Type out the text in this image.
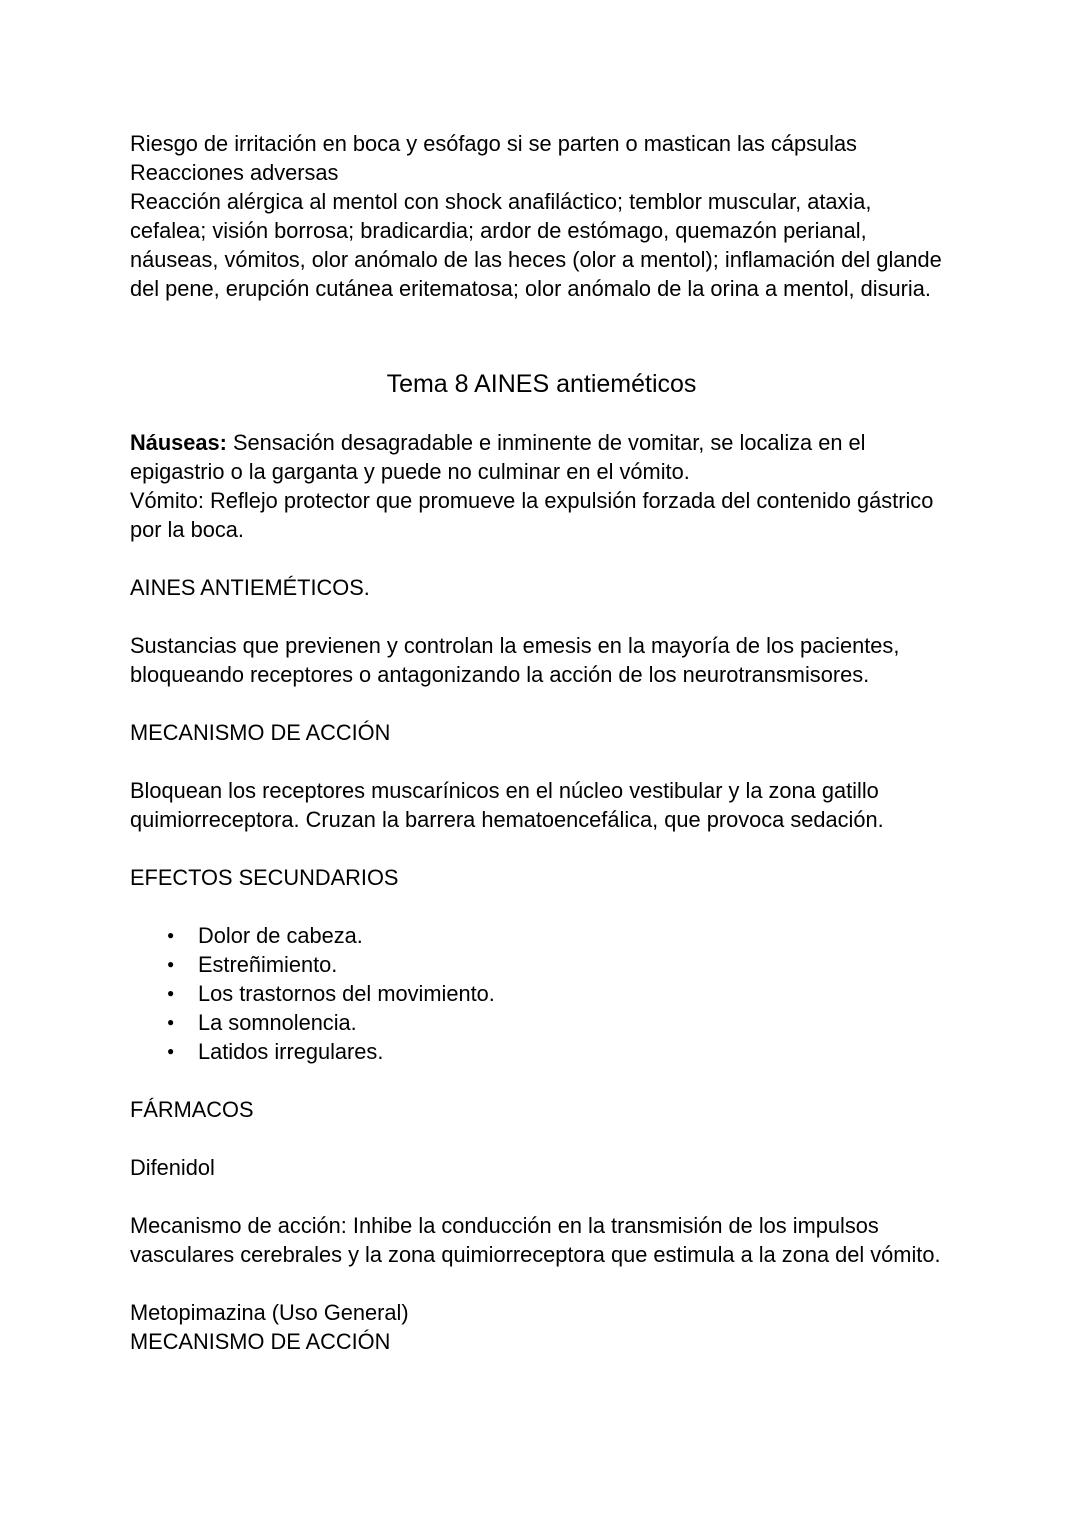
Riesgo de irritación en boca y esófago si se parten o mastican las cápsulas

Reacciones adversas

Reacción alérgica al mentol con shock anafiláctico; temblor muscular, ataxia, cefalea; visión borrosa; bradicardia; ardor de estómago, quemazón perianal, náuseas, vómitos, olor anómalo de las heces (olor a mentol); inflamación del glande del pene, erupción cutánea eritematosa; olor anómalo de la orina a mentol, disuria.

Tema 8 AINES antieméticos

Náuseas: Sensación desagradable e inminente de vomitar, se localiza en el epigastrio o la garganta y puede no culminar en el vómito.

Vómito: Reflejo protector que promueve la expulsión forzada del contenido gástrico por la boca.

AINES ANTIEMÉTICOS.

Sustancias que previenen y controlan la emesis en la mayoría de los pacientes, bloqueando receptores o antagonizando la acción de los neurotransmisores.

MECANISMO DE ACCIÓN

Bloquean los receptores muscarínicos en el núcleo vestibular y la zona gatillo quimiorreceptora. Cruzan la barrera hematoencefálica, que provoca sedación.

EFECTOS SECUNDARIOS

● Dolor de cabeza.
● Estreñimiento.
● Los trastornos del movimiento.
● La somnolencia.
● Latidos irregulares.

FÁRMACOS

Difenidol

Mecanismo de acción: Inhibe la conducción en la transmisión de los impulsos vasculares cerebrales y la zona quimiorreceptora que estimula a la zona del vómito.

Metopimazina (Uso General)

MECANISMO DE ACCIÓN
